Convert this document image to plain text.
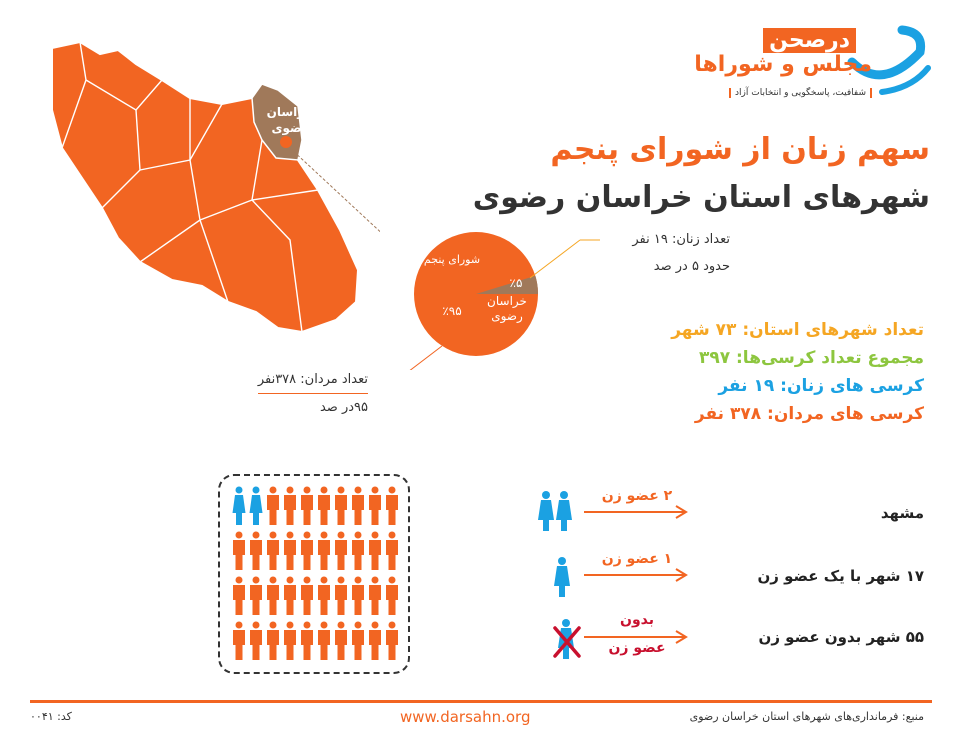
درصحن
مجلس و شوراها
شفافیت، پاسخگویی و انتخابات آزاد
سهم زنان از شورای پنجم
شهرهای استان خراسان رضوی
خراسان رضوی
شورای پنجم
٪۹۵
٪۵
خراسان رضوی
تعداد زنان: ۱۹ نفر
حدود ۵ در صد
تعداد مردان: ۳۷۸نفر
۹۵در صد
تعداد شهرهای استان: ۷۳ شهر
مجموع تعداد کرسی‌ها: ۳۹۷
کرسی های زنان: ۱۹ نفر
کرسی های مردان: ۳۷۸ نفر
۲ عضو زن
مشهد
۱ عضو زن
۱۷ شهر با یک عضو زن
بدون
عضو زن
۵۵ شهر بدون عضو زن
منبع: فرمانداری‌های شهرهای استان خراسان رضوی
www.darsahn.org
کد: ۰۰۴۱
